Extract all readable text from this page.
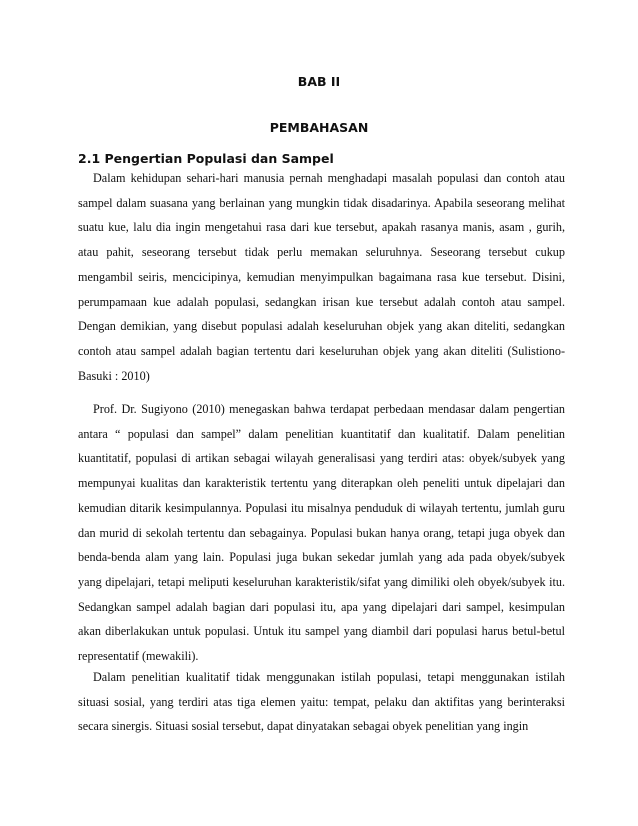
BAB II
PEMBAHASAN
2.1 Pengertian Populasi dan Sampel

Dalam kehidupan sehari-hari manusia pernah menghadapi masalah populasi dan contoh atau sampel dalam suasana yang berlainan yang mungkin tidak disadarinya. Apabila seseorang melihat suatu kue, lalu dia ingin mengetahui rasa dari kue tersebut, apakah rasanya manis, asam , gurih, atau pahit, seseorang tersebut tidak perlu memakan seluruhnya. Seseorang tersebut cukup mengambil seiris, mencicipinya, kemudian menyimpulkan bagaimana rasa kue tersebut. Disini, perumpamaan kue adalah populasi, sedangkan irisan kue tersebut adalah contoh atau sampel. Dengan demikian, yang disebut populasi adalah keseluruhan objek yang akan diteliti, sedangkan contoh atau sampel adalah bagian tertentu dari keseluruhan objek yang akan diteliti (Sulistiono-Basuki : 2010)

Prof. Dr. Sugiyono (2010) menegaskan bahwa terdapat perbedaan mendasar dalam pengertian antara “ populasi dan sampel” dalam penelitian kuantitatif dan kualitatif. Dalam penelitian kuantitatif, populasi di artikan sebagai wilayah generalisasi yang terdiri atas: obyek/subyek yang mempunyai kualitas dan karakteristik tertentu yang diterapkan oleh peneliti untuk dipelajari dan kemudian ditarik kesimpulannya. Populasi itu misalnya penduduk di wilayah tertentu, jumlah guru dan murid di sekolah tertentu dan sebagainya. Populasi bukan hanya orang, tetapi juga obyek dan benda-benda alam yang lain. Populasi juga bukan sekedar jumlah yang ada pada obyek/subyek yang dipelajari, tetapi meliputi keseluruhan karakteristik/sifat yang dimiliki oleh obyek/subyek itu. Sedangkan sampel adalah bagian dari populasi itu, apa yang dipelajari dari sampel, kesimpulan akan diberlakukan untuk populasi. Untuk itu sampel yang diambil dari populasi harus betul-betul representatif (mewakili).

Dalam penelitian kualitatif tidak menggunakan istilah populasi, tetapi menggunakan istilah situasi sosial, yang terdiri atas tiga elemen yaitu: tempat, pelaku dan aktifitas yang berinteraksi secara sinergis. Situasi sosial tersebut, dapat dinyatakan sebagai obyek penelitian yang ingin
